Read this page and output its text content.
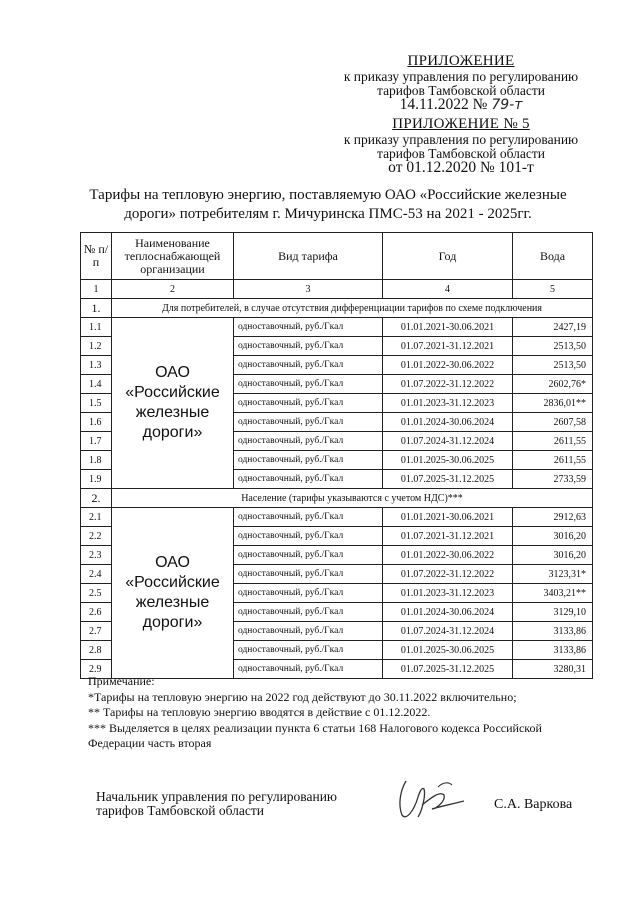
ПРИЛОЖЕНИЕ
к приказу управления по регулированию
тарифов Тамбовской области
14.11.2022 № 79-т
ПРИЛОЖЕНИЕ № 5
к приказу управления по регулированию
тарифов Тамбовской области
от 01.12.2020 № 101-т
Тарифы на тепловую энергию, поставляемую ОАО «Российские железные
дороги» потребителям г. Мичуринска ПМС-53 на 2021 - 2025гг.
№ п/п	Наименование теплоснабжающей организации	Вид тарифа	Год	Вода
1	2	3	4	5
1.	Для потребителей, в случае отсутствия дифференциации тарифов по схеме подключения			
1.1	ОАО
«Российские
железные
дороги»	одноставочный, руб./Гкал	01.01.2021-30.06.2021	2427,19
1.2		одноставочный, руб./Гкал	01.07.2021-31.12.2021	2513,50
1.3		одноставочный, руб./Гкал	01.01.2022-30.06.2022	2513,50
1.4		одноставочный, руб./Гкал	01.07.2022-31.12.2022	2602,76*
1.5		одноставочный, руб./Гкал	01.01.2023-31.12.2023	2836,01**
1.6		одноставочный, руб./Гкал	01.01.2024-30.06.2024	2607,58
1.7		одноставочный, руб./Гкал	01.07.2024-31.12.2024	2611,55
1.8		одноставочный, руб./Гкал	01.01.2025-30.06.2025	2611,55
1.9		одноставочный, руб./Гкал	01.07.2025-31.12.2025	2733,59
2.	Население (тарифы указываются с учетом НДС)***			
2.1	ОАО
«Российские
железные
дороги»	одноставочный, руб./Гкал	01.01.2021-30.06.2021	2912,63
2.2		одноставочный, руб./Гкал	01.07.2021-31.12.2021	3016,20
2.3		одноставочный, руб./Гкал	01.01.2022-30.06.2022	3016,20
2.4		одноставочный, руб./Гкал	01.07.2022-31.12.2022	3123,31*
2.5		одноставочный, руб./Гкал	01.01.2023-31.12.2023	3403,21**
2.6		одноставочный, руб./Гкал	01.01.2024-30.06.2024	3129,10
2.7		одноставочный, руб./Гкал	01.07.2024-31.12.2024	3133,86
2.8		одноставочный, руб./Гкал	01.01.2025-30.06.2025	3133,86
2.9		одноставочный, руб./Гкал	01.07.2025-31.12.2025	3280,31
Примечание:
*Тарифы на тепловую энергию на 2022 год действуют до 30.11.2022 включительно;
** Тарифы на тепловую энергию вводятся в действие с 01.12.2022.
*** Выделяется в целях реализации пункта 6 статьи 168 Налогового кодекса Российской
Федерации часть вторая
Начальник управления по регулированию
тарифов Тамбовской области	С.А. Варкова
